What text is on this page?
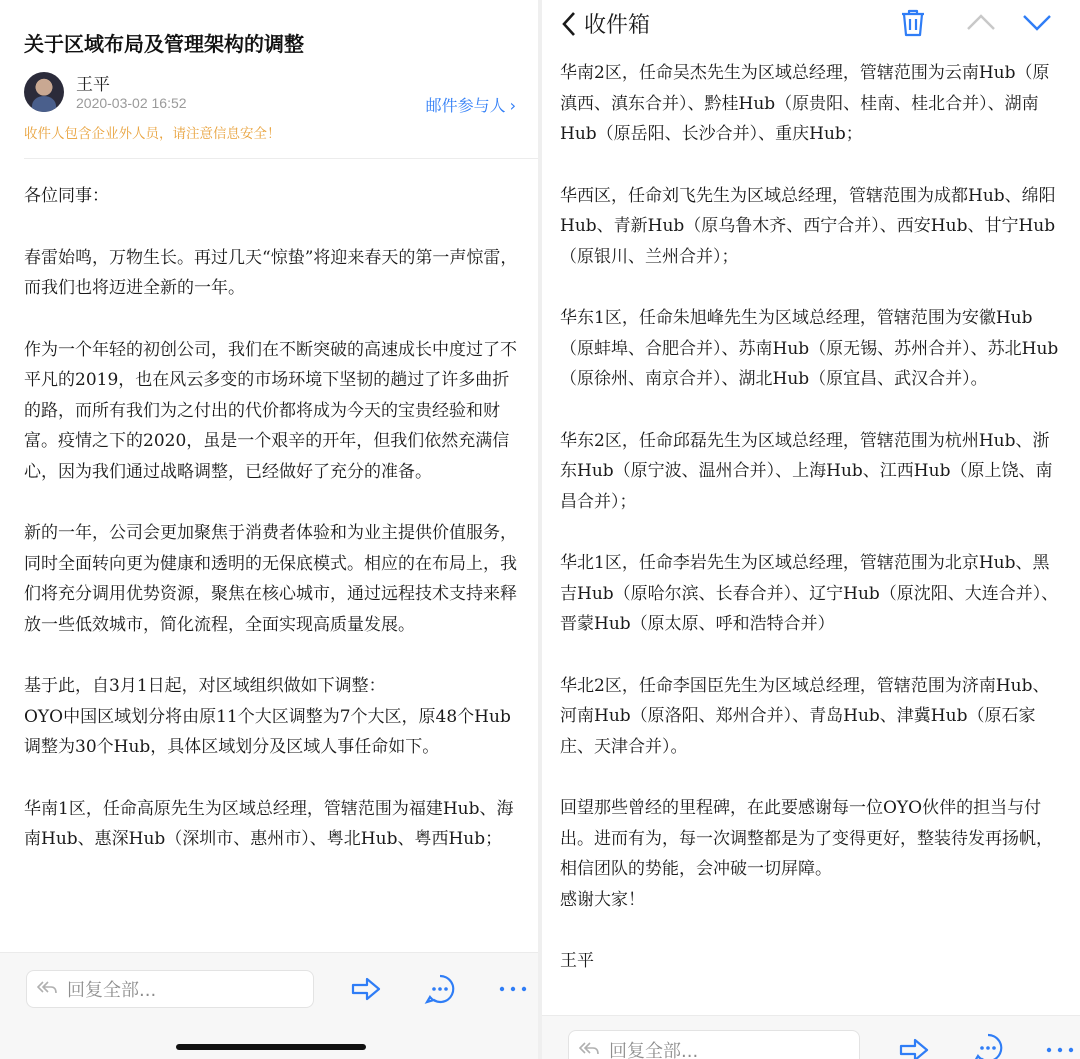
关于区域布局及管理架构的调整
王平
2020-03-02 16:52	邮件参与人 ›
收件人包含企业外人员，请注意信息安全！

各位同事：

春雷始鸣，万物生长。再过几天“惊蛰”将迎来春天的第一声惊雷，而我们也将迈进全新的一年。

作为一个年轻的初创公司，我们在不断突破的高速成长中度过了不平凡的2019，也在风云多变的市场环境下坚韧的趟过了许多曲折的路，而所有我们为之付出的代价都将成为今天的宝贵经验和财富。疫情之下的2020，虽是一个艰辛的开年，但我们依然充满信心，因为我们通过战略调整，已经做好了充分的准备。

新的一年，公司会更加聚焦于消费者体验和为业主提供价值服务，同时全面转向更为健康和透明的无保底模式。相应的在布局上，我们将充分调用优势资源，聚焦在核心城市，通过远程技术支持来释放一些低效城市，简化流程，全面实现高质量发展。

基于此，自3月1日起，对区域组织做如下调整：
OYO中国区域划分将由原11个大区调整为7个大区，原48个Hub调整为30个Hub，具体区域划分及区域人事任命如下。

华南1区，任命高原先生为区域总经理，管辖范围为福建Hub、海南Hub、惠深Hub（深圳市、惠州市）、粤北Hub、粤西Hub；

回复全部...
收件箱

华南2区，任命吴杰先生为区域总经理，管辖范围为云南Hub（原滇西、滇东合并）、黔桂Hub（原贵阳、桂南、桂北合并）、湖南Hub（原岳阳、长沙合并）、重庆Hub；

华西区，任命刘飞先生为区域总经理，管辖范围为成都Hub、绵阳Hub、青新Hub（原乌鲁木齐、西宁合并）、西安Hub、甘宁Hub（原银川、兰州合并）；

华东1区，任命朱旭峰先生为区域总经理，管辖范围为安徽Hub（原蚌埠、合肥合并）、苏南Hub（原无锡、苏州合并）、苏北Hub（原徐州、南京合并）、湖北Hub（原宜昌、武汉合并）。

华东2区，任命邱磊先生为区域总经理，管辖范围为杭州Hub、浙东Hub（原宁波、温州合并）、上海Hub、江西Hub（原上饶、南昌合并）；

华北1区，任命李岩先生为区域总经理，管辖范围为北京Hub、黑吉Hub（原哈尔滨、长春合并）、辽宁Hub（原沈阳、大连合并）、晋蒙Hub（原太原、呼和浩特合并）

华北2区，任命李国臣先生为区域总经理，管辖范围为济南Hub、河南Hub（原洛阳、郑州合并）、青岛Hub、津冀Hub（原石家庄、天津合并）。

回望那些曾经的里程碑，在此要感谢每一位OYO伙伴的担当与付出。进而有为，每一次调整都是为了变得更好，整装待发再扬帆，相信团队的势能，会冲破一切屏障。
感谢大家！

王平

回复全部...
